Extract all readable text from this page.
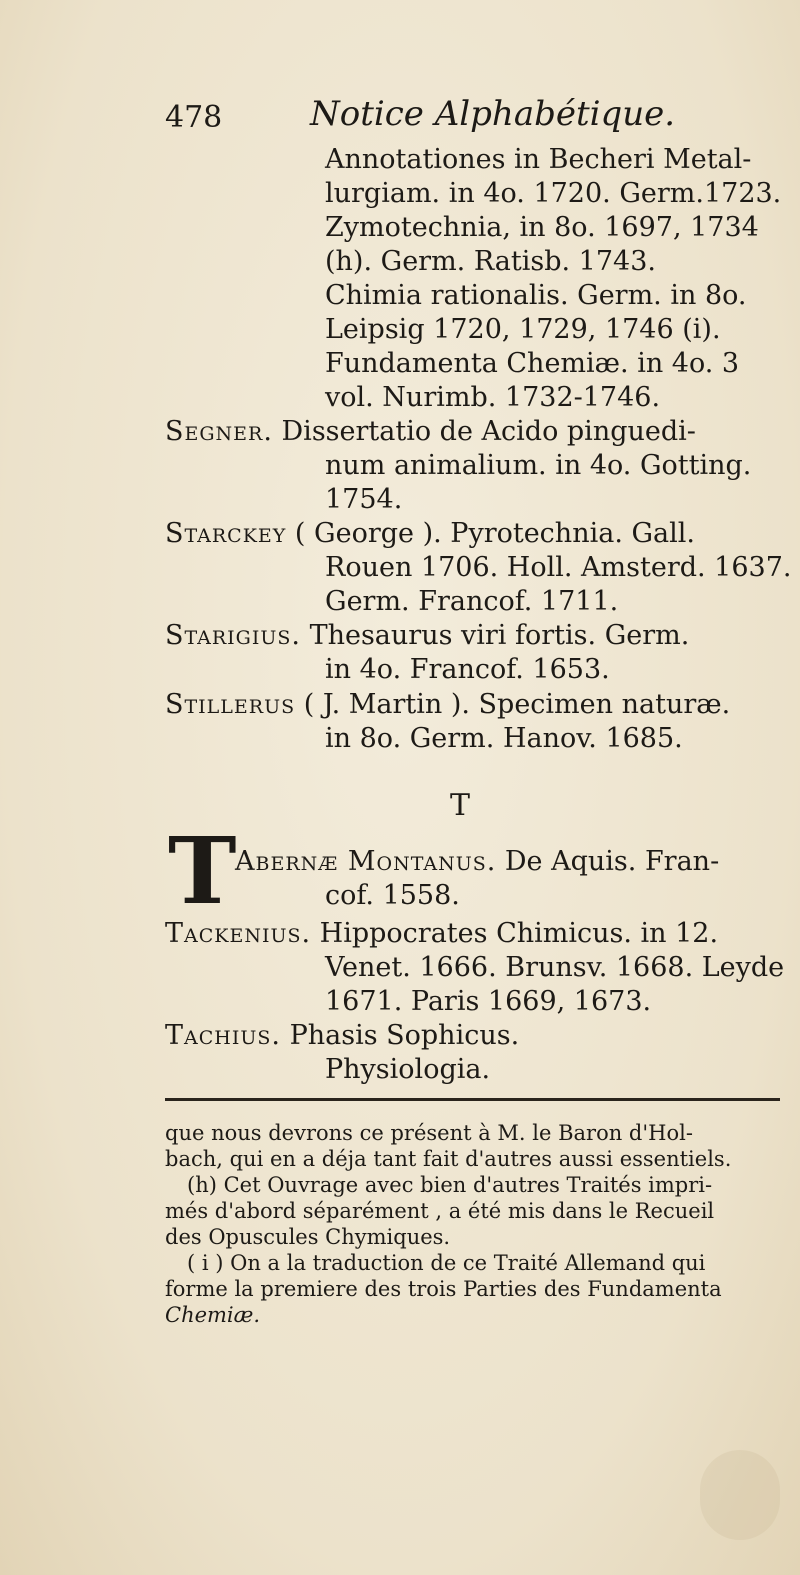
478	Notice Alphabétique.
Annotationes in Becheri Metal-
lurgiam. in 4o. 1720. Germ.1723.
Zymotechnia, in 8o. 1697, 1734
(h). Germ. Ratisb. 1743.
Chimia rationalis. Germ. in 8o.
Leipsig 1720, 1729, 1746 (i).
Fundamenta Chemiæ. in 4o. 3
vol. Nurimb. 1732-1746.
Segner. Dissertatio de Acido pinguedi-
num animalium. in 4o. Gotting.
1754.
Starckey ( George ). Pyrotechnia. Gall.
Rouen 1706. Holl. Amsterd. 1637.
Germ. Francof. 1711.
Starigius. Thesaurus viri fortis. Germ.
in 4o. Francof. 1653.
Stillerus ( J. Martin ). Specimen naturæ.
in 8o. Germ. Hanov. 1685.
T
T
Abernæ Montanus. De Aquis. Fran-
cof. 1558.
Tackenius. Hippocrates Chimicus. in 12.
Venet. 1666. Brunsv. 1668. Leyde
1671. Paris 1669, 1673.
Tachius. Phasis Sophicus.
Physiologia.
que nous devrons ce présent à M. le Baron d'Hol-
bach, qui en a déja tant fait d'autres aussi essentiels.
(h) Cet Ouvrage avec bien d'autres Traités impri-
més d'abord séparément , a été mis dans le Recueil
des Opuscules Chymiques.
( i ) On a la traduction de ce Traité Allemand qui
forme la premiere des trois Parties des Fundamenta
Chemiæ.
